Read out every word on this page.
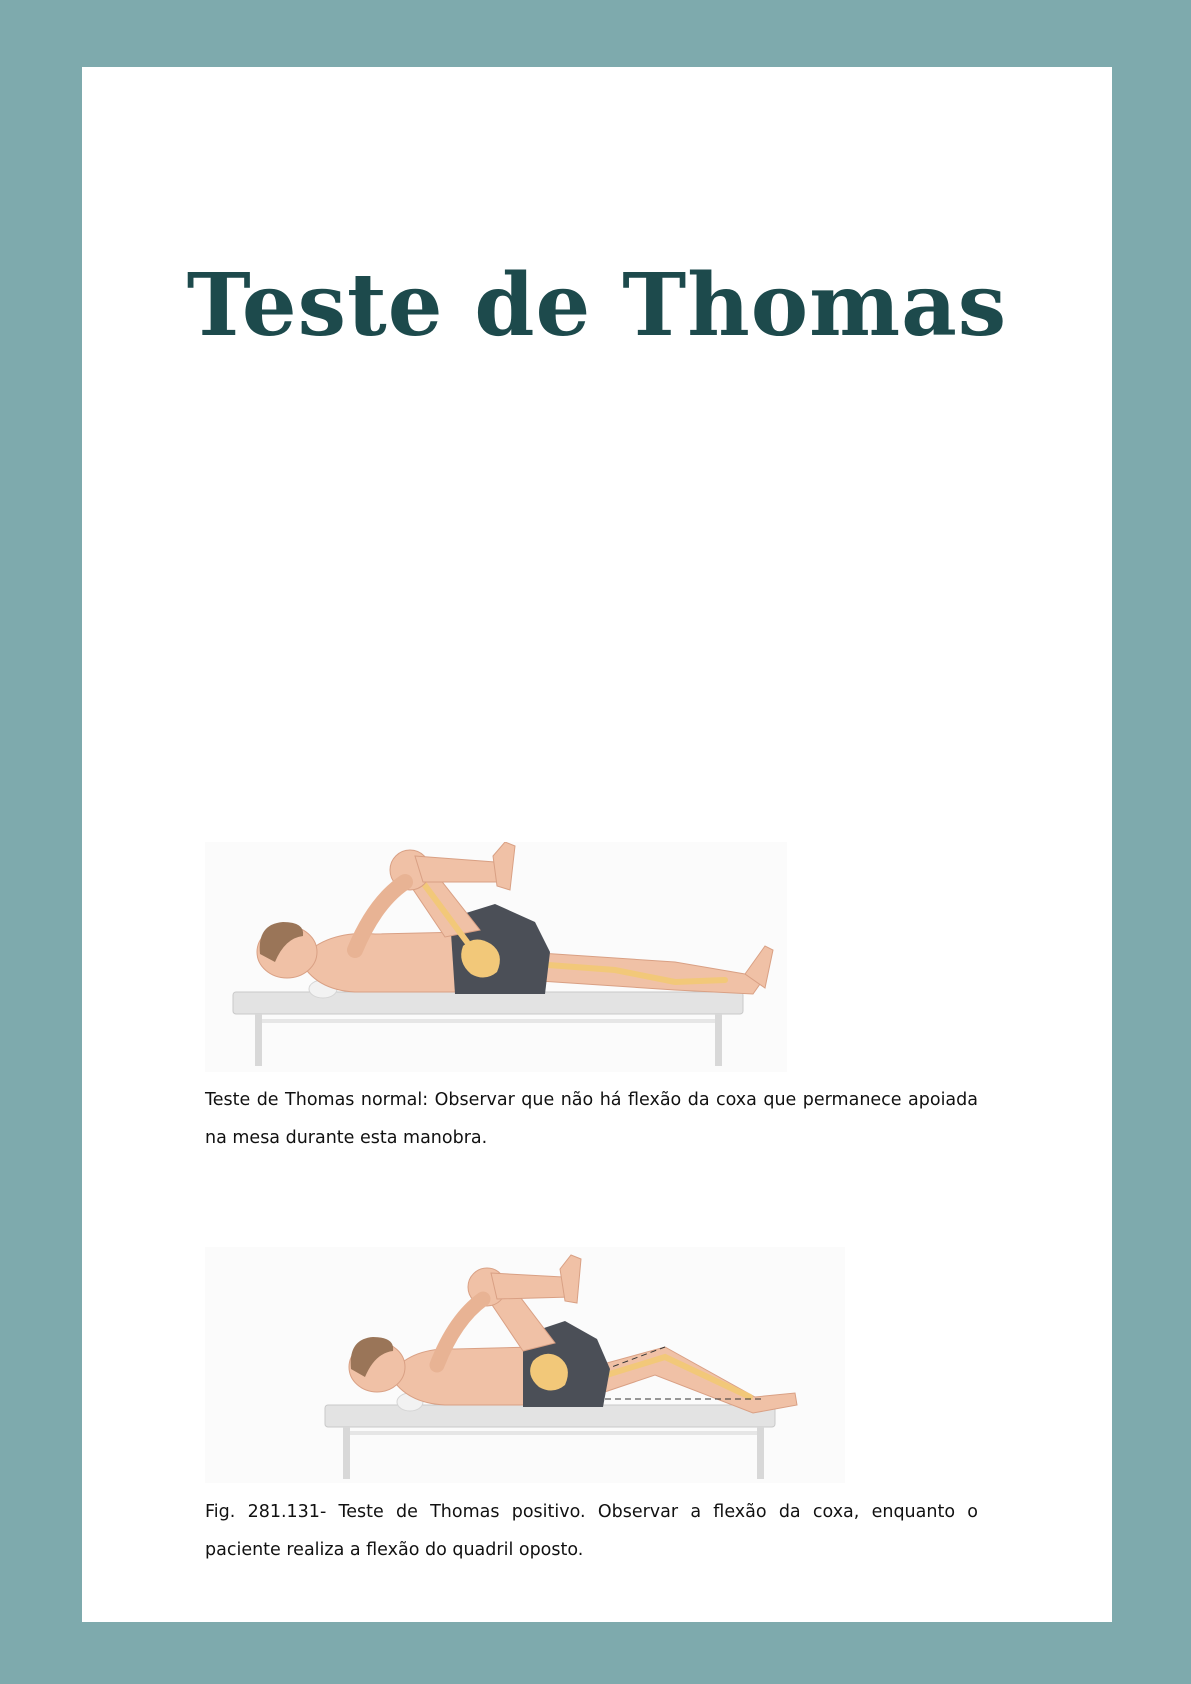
Teste de Thomas

Teste de Thomas normal: Observar que não há flexão da coxa que permanece apoiada na mesa durante esta manobra.

Fig. 281.131- Teste de Thomas positivo. Observar a flexão da coxa, enquanto o paciente realiza a flexão do quadril oposto.
